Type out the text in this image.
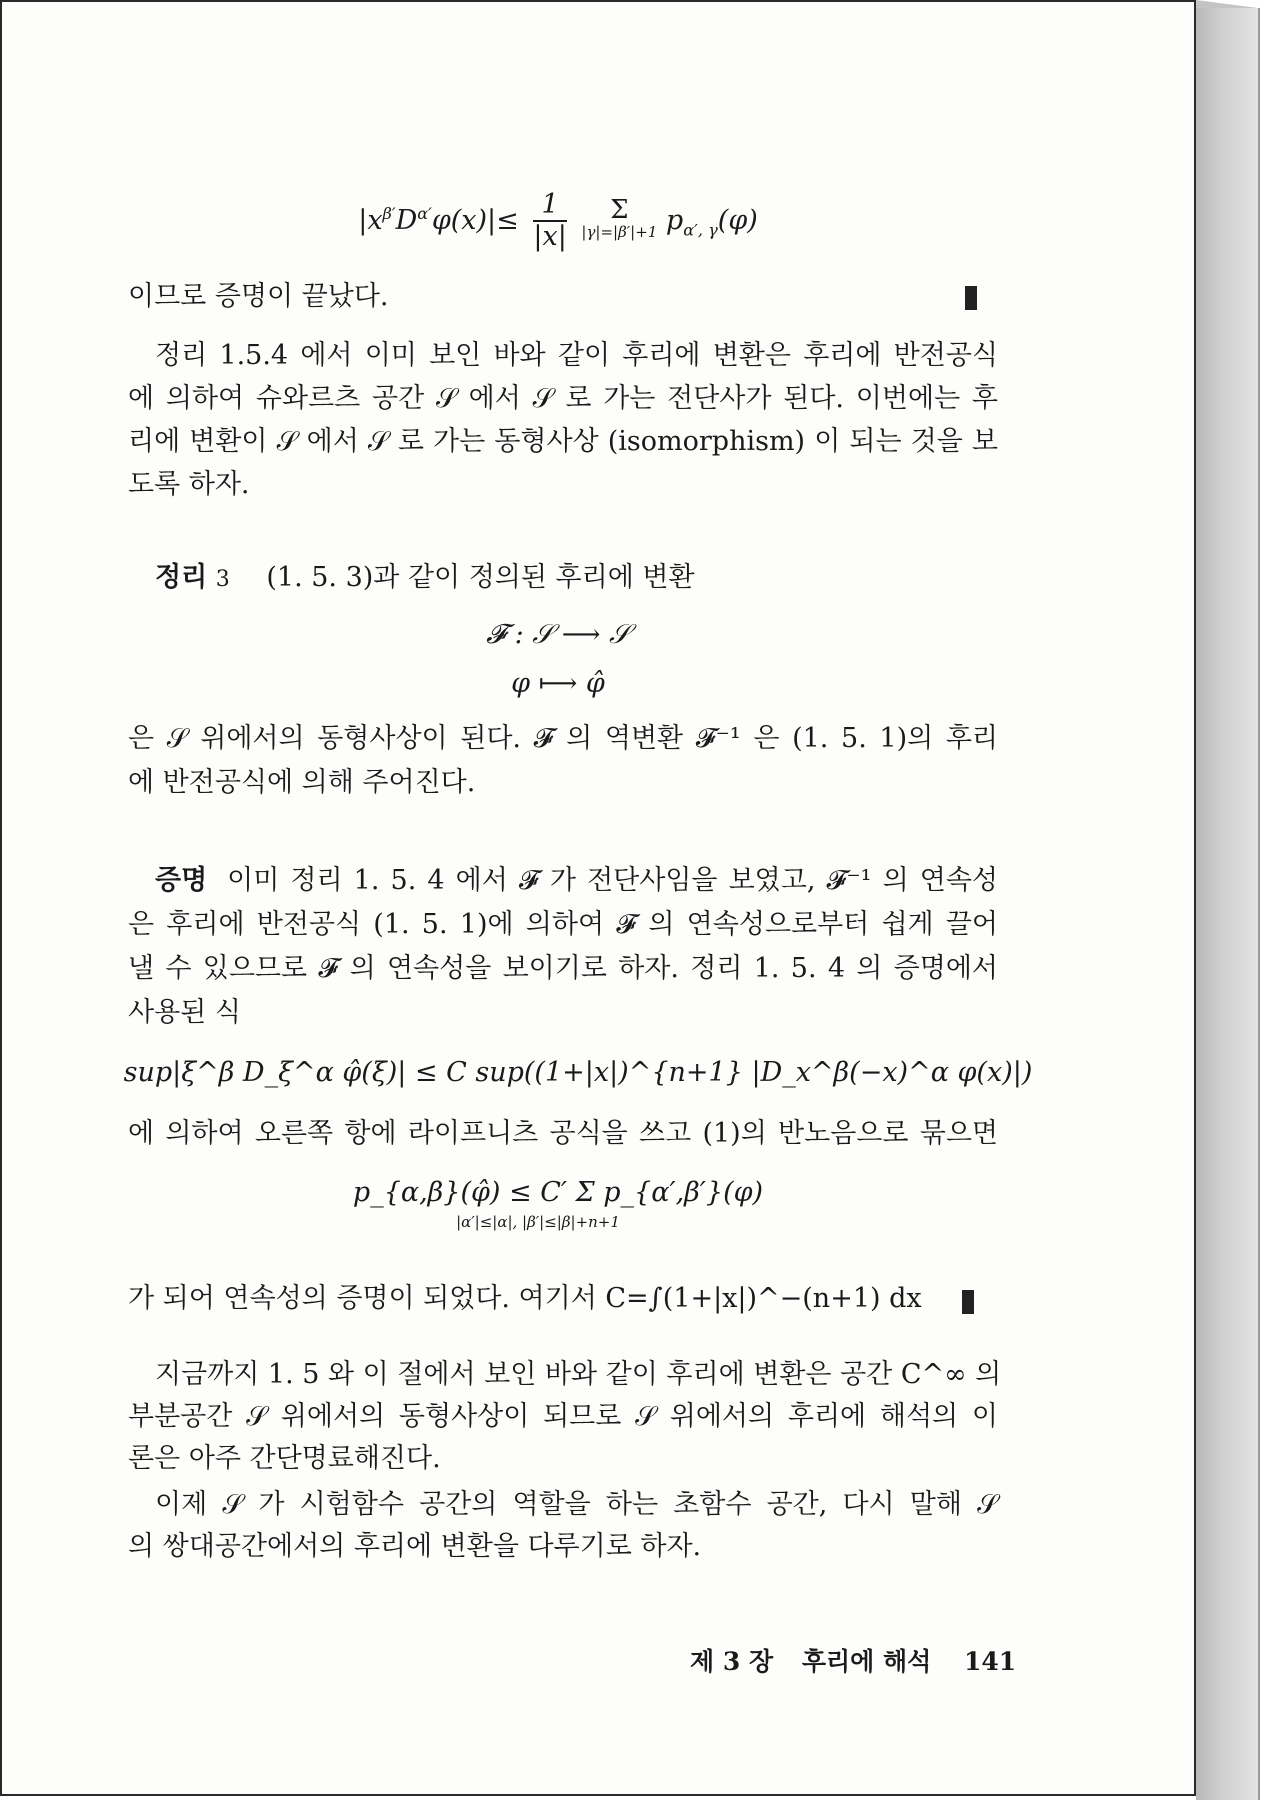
$|x^{\beta'}D^{\alpha'}\varphi(x)|\le \frac{1}{|x|}$
	Σ
|γ|=|β′|+1 $p_{\alpha', \gamma}(\varphi)$
이므로 증명이 끝났다.
정리 1.5.4 에서 이미 보인 바와 같이 후리에 변환은 후리에 반전공식
에 의하여 슈와르츠 공간 𝒮 에서 𝒮 로 가는 전단사가 된다. 이번에는 후
리에 변환이 𝒮 에서 𝒮 로 가는 동형사상 (isomorphism) 이 되는 것을 보
도록 하자.
정리 3 (1. 5. 3)과 같이 정의된 후리에 변환
𝓕 : 𝒮 ⟶ 𝒮
φ ⟼ φ̂
은 𝒮 위에서의 동형사상이 된다. 𝓕 의 역변환 𝓕⁻¹ 은 (1. 5. 1)의 후리
에 반전공식에 의해 주어진다.
증명 이미 정리 1. 5. 4 에서 𝓕 가 전단사임을 보였고, 𝓕⁻¹ 의 연속성
은 후리에 반전공식 (1. 5. 1)에 의하여 𝓕 의 연속성으로부터 쉽게 끌어
낼 수 있으므로 𝓕 의 연속성을 보이기로 하자. 정리 1. 5. 4 의 증명에서
사용된 식
sup|ξ^β D_ξ^α φ̂(ξ)| ≤ C sup((1+|x|)^{n+1} |D_x^β(−x)^α φ(x)|)
에 의하여 오른쪽 항에 라이프니츠 공식을 쓰고 (1)의 반노음으로 묶으면
p_{α,β}(φ̂) ≤ C′ Σ p_{α′,β′}(φ)
|α′|≤|α|, |β′|≤|β|+n+1
가 되어 연속성의 증명이 되었다. 여기서 C=∫(1+|x|)^−(n+1) dx
지금까지 1. 5 와 이 절에서 보인 바와 같이 후리에 변환은 공간 C^∞ 의
부분공간 𝒮 위에서의 동형사상이 되므로 𝒮 위에서의 후리에 해석의 이
론은 아주 간단명료해진다.
이제 𝒮 가 시험함수 공간의 역할을 하는 초함수 공간, 다시 말해 𝒮
의 쌍대공간에서의 후리에 변환을 다루기로 하자.
제 3 장 후리에 해석 141
